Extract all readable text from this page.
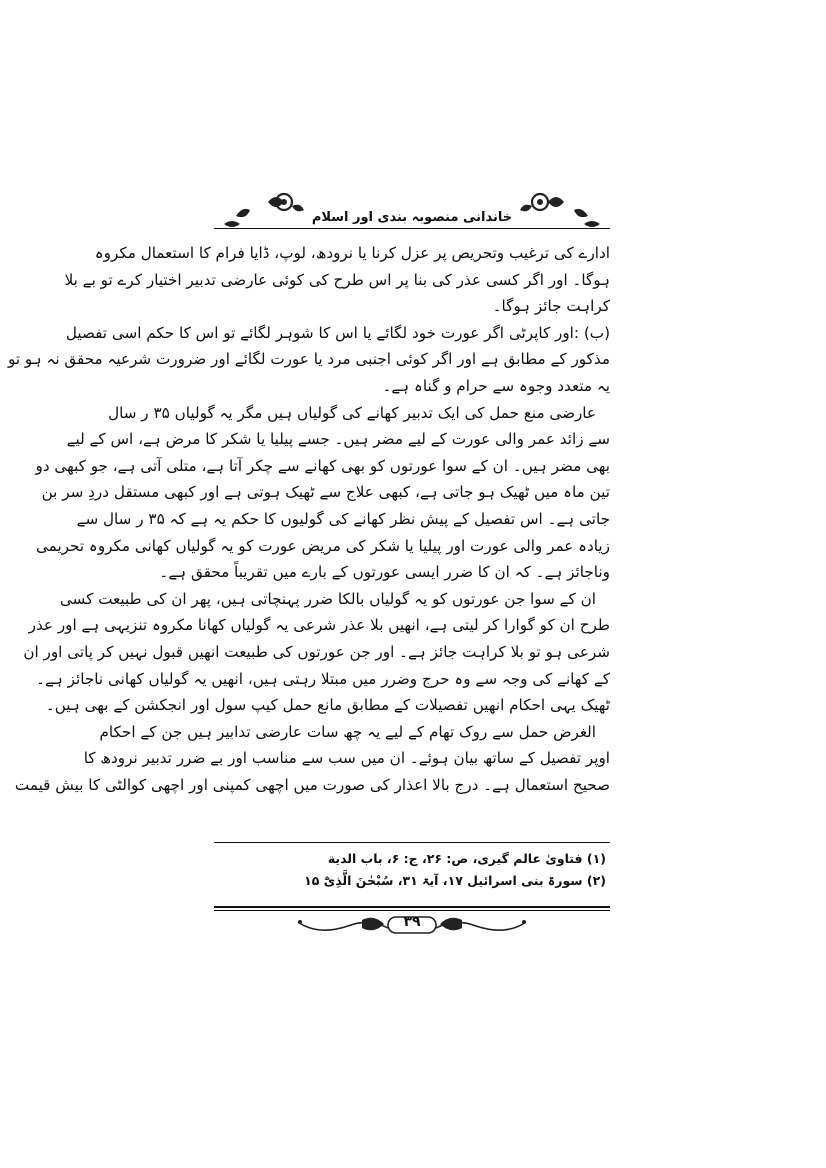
خاندانی منصوبہ بندی اور اسلام
ادارے کی ترغیب وتحریص پر عزل کرنا یا نرودھ، لوپ، ڈایا فرام کا استعمال مکروہ
ہوگا۔ اور اگر کسی عذر کی بنا پر اس طرح کی کوئی عارضی تدبیر اختیار کرے تو بے بلا
کراہت جائز ہوگا۔
(ب) :اور کاپرٹی اگر عورت خود لگائے یا اس کا شوہر لگائے تو اس کا حکم اسی تفصیل
مذکور کے مطابق ہے اور اگر کوئی اجنبی مرد یا عورت لگائے اور ضرورت شرعیہ محقق نہ ہو تو
یہ متعدد وجوہ سے حرام و گناہ ہے۔
عارضی منع حمل کی ایک تدبیر کھانے کی گولیاں ہیں مگر یہ گولیاں ۳۵ ر سال
سے زائد عمر والی عورت کے لیے مضر ہیں۔ جسے پیلیا یا شکر کا مرض ہے، اس کے لیے
بھی مضر ہیں۔ ان کے سوا عورتوں کو بھی کھانے سے چکر آتا ہے، متلی آتی ہے، جو کبھی دو
تین ماہ میں ٹھیک ہو جاتی ہے، کبھی علاج سے ٹھیک ہوتی ہے اور کبھی مستقل دردِ سر بن
جاتی ہے۔ اس تفصیل کے پیش نظر کھانے کی گولیوں کا حکم یہ ہے کہ ۳۵ ر سال سے
زیادہ عمر والی عورت اور پیلیا یا شکر کی مریض عورت کو یہ گولیاں کھانی مکروہ تحریمی
وناجائز ہے۔ کہ ان کا ضرر ایسی عورتوں کے بارے میں تقریباً محقق ہے۔
ان کے سوا جن عورتوں کو یہ گولیاں بالکا ضرر پہنچاتی ہیں، پھر ان کی طبیعت کسی
طرح ان کو گوارا کر لیتی ہے، انھیں بلا عذر شرعی یہ گولیاں کھانا مکروہ تنزیہی ہے اور عذر
شرعی ہو تو بلا کراہت جائز ہے۔ اور جن عورتوں کی طبیعت انھیں قبول نہیں کر پاتی اور ان
کے کھانے کی وجہ سے وہ حرج وضرر میں مبتلا رہتی ہیں، انھیں یہ گولیاں کھانی ناجائز ہے۔
ٹھیک یہی احکام انھیں تفصیلات کے مطابق مانع حمل کیپ سول اور انجکشن کے بھی ہیں۔
الغرض حمل سے روک تھام کے لیے یہ چھ سات عارضی تدابیر ہیں جن کے احکام
اوپر تفصیل کے ساتھ بیان ہوئے۔ ان میں سب سے مناسب اور بے ضرر تدبیر نرودھ کا
صحیح استعمال ہے۔ درج بالا اعذار کی صورت میں اچھی کمپنی اور اچھی کوالٹی کا بیش قیمت
(۱) فتاویٰ عالم گیری، ص: ۲۶، ج: ۶، باب الدیة
(۲) سورۃ بنی اسرائیل ۱۷، آیۃ ۳۱، سُبْحٰنَ الَّذِیْٓ ۱۵
۳۹
